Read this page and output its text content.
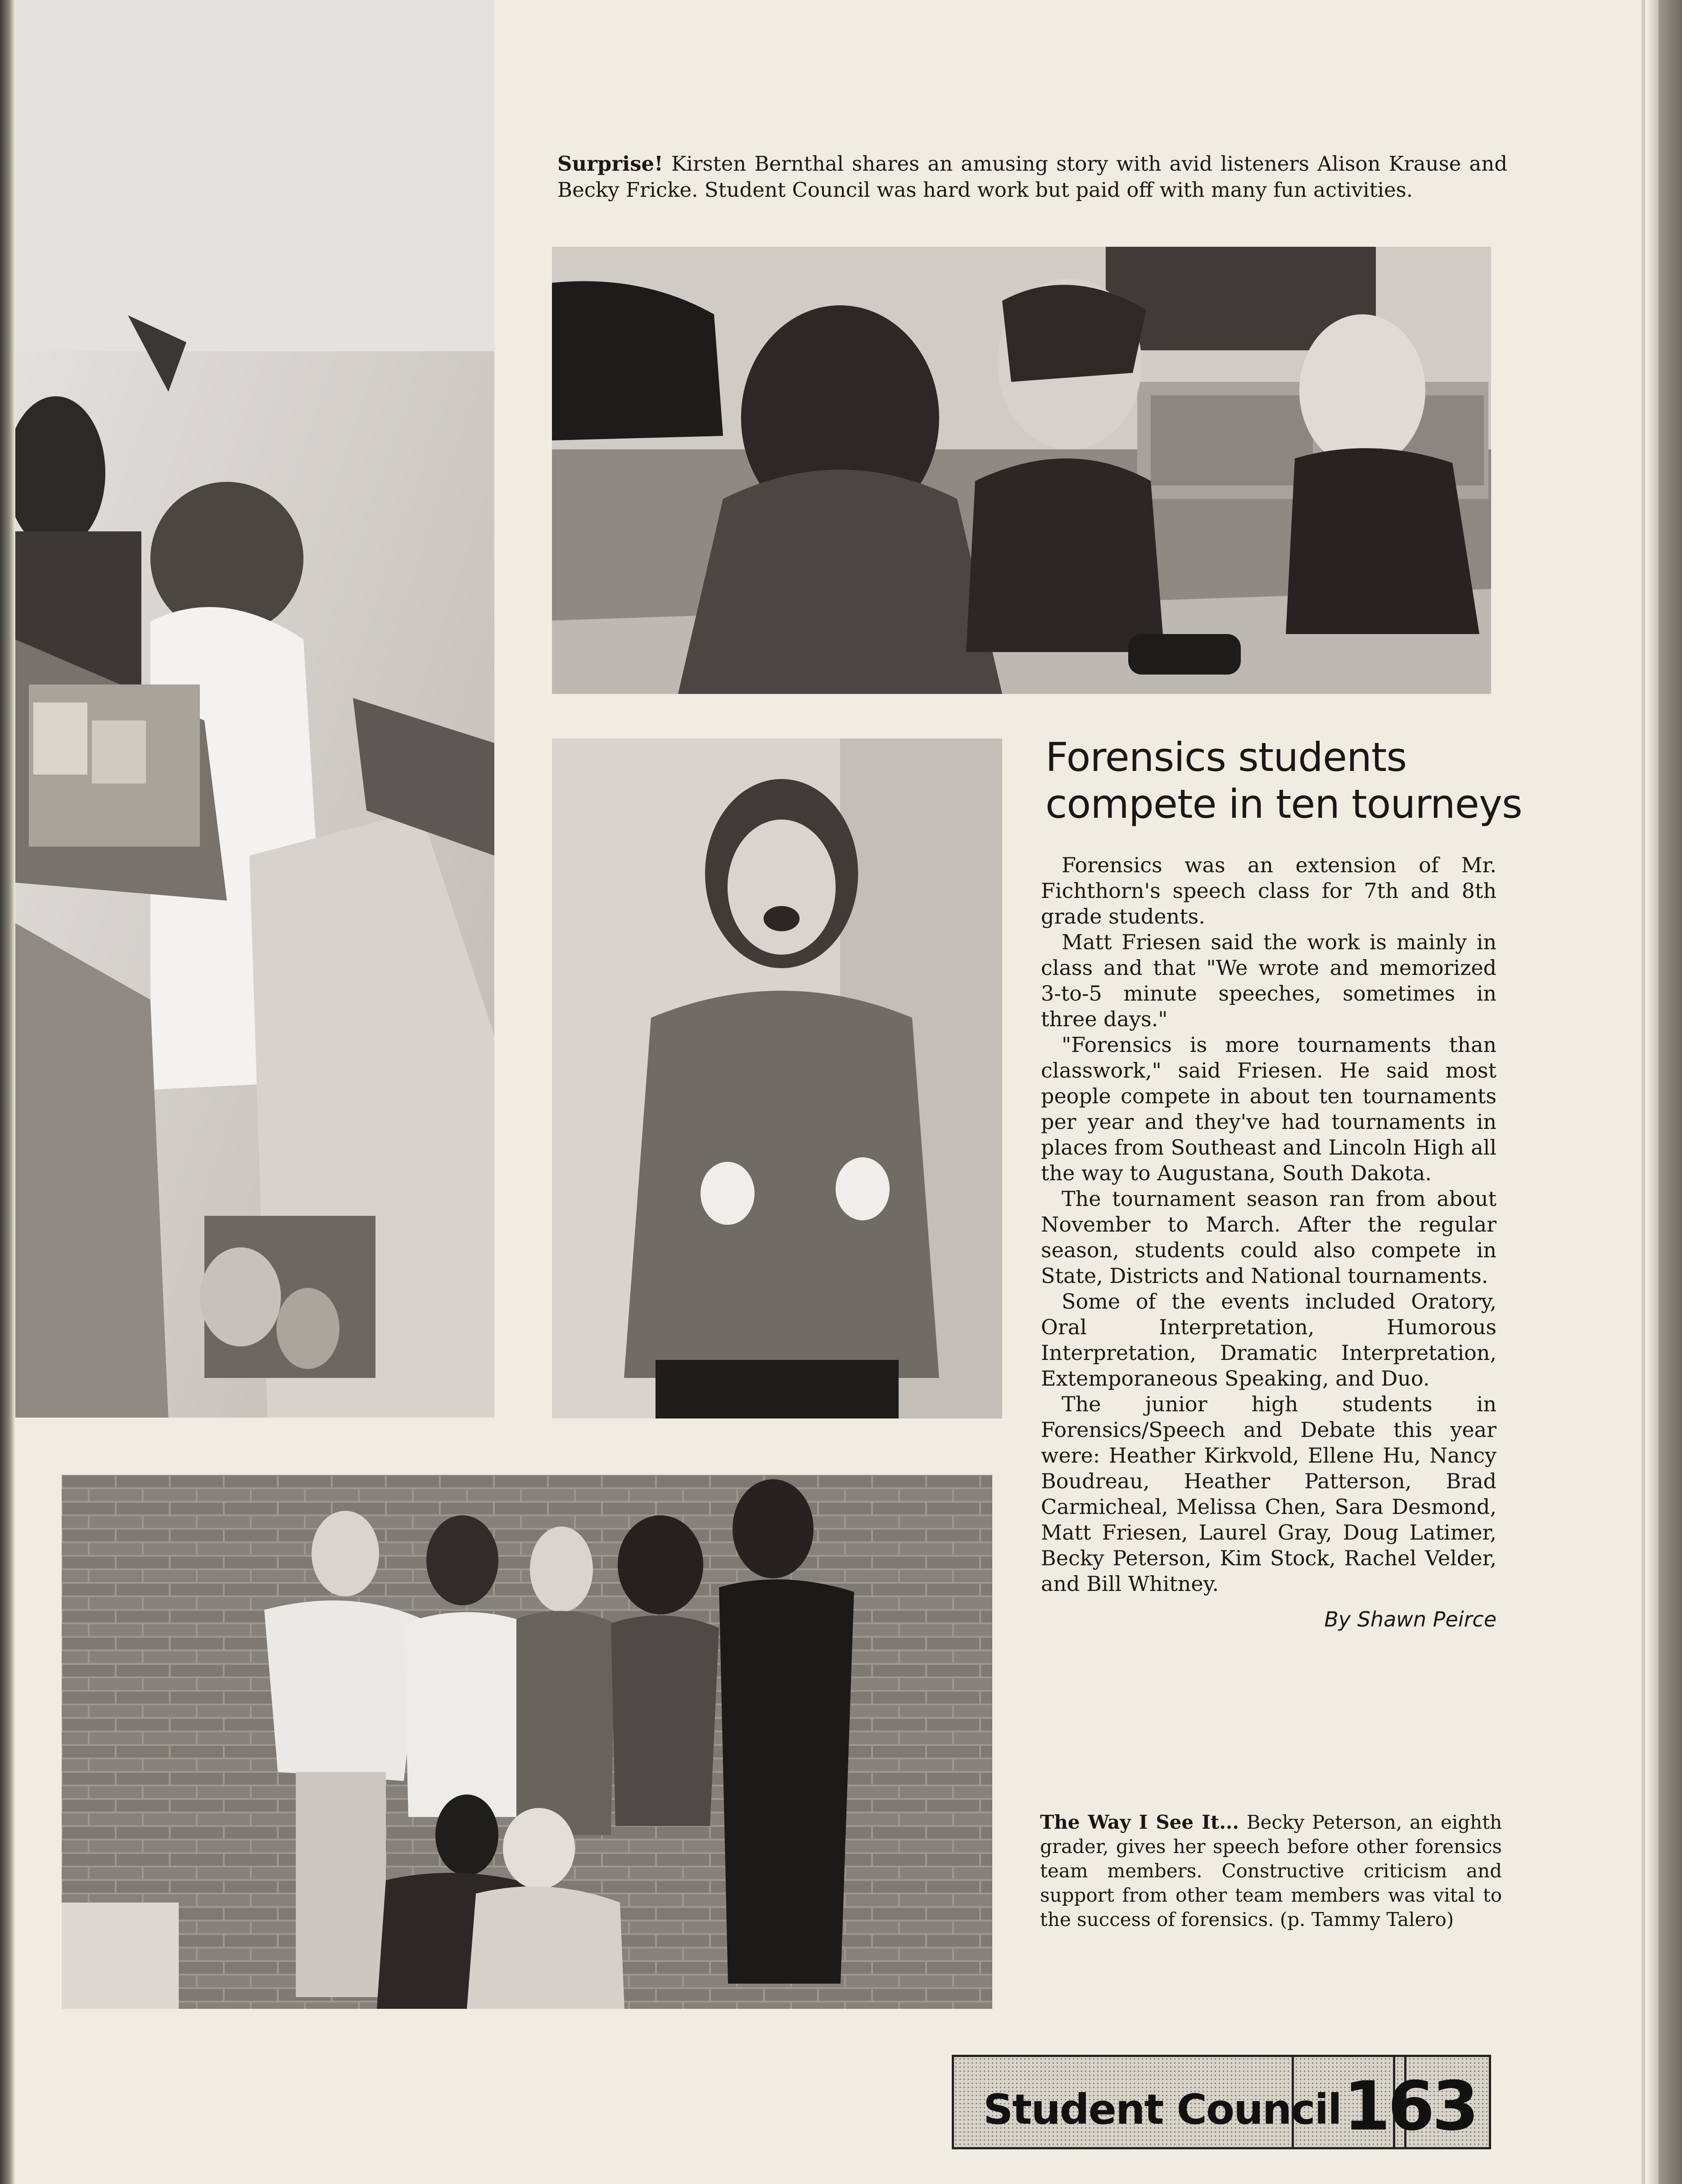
Surprise! Kirsten Bernthal shares an amusing story with avid listeners Alison Krause and Becky Fricke. Student Council was hard work but paid off with many fun activities.
Forensics students
compete in ten tourneys

Forensics was an extension of Mr. Fichthorn's speech class for 7th and 8th grade students.

Matt Friesen said the work is mainly in class and that "We wrote and memorized 3-to-5 minute speeches, sometimes in three days."

"Forensics is more tournaments than classwork," said Friesen. He said most people compete in about ten tournaments per year and they've had tournaments in places from Southeast and Lincoln High all the way to Augustana, South Dakota.

The tournament season ran from about November to March. After the regular season, students could also compete in State, Districts and National tournaments.

Some of the events included Oratory, Oral Interpretation, Humorous Interpretation, Dramatic Interpretation, Extemporaneous Speaking, and Duo.

The junior high students in Forensics/Speech and Debate this year were: Heather Kirkvold, Ellene Hu, Nancy Boudreau, Heather Patterson, Brad Carmicheal, Melissa Chen, Sara Desmond, Matt Friesen, Laurel Gray, Doug Latimer, Becky Peterson, Kim Stock, Rachel Velder, and Bill Whitney.

By Shawn Peirce

The Way I See It... Becky Peterson, an eighth grader, gives her speech before other forensics team members. Constructive criticism and support from other team members was vital to the success of forensics. (p. Tammy Talero)
Student Council 163
